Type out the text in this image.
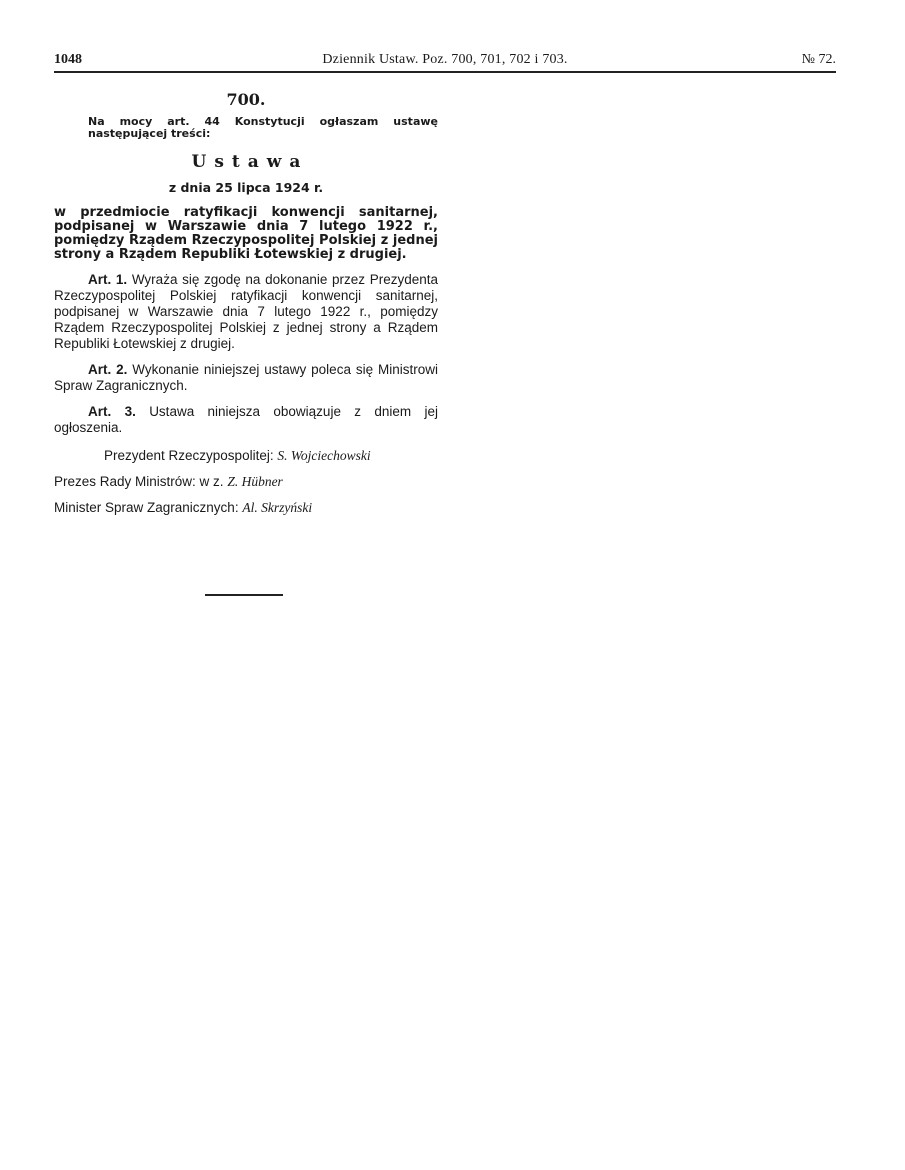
1048	Dziennik Ustaw. Poz. 700, 701, 702 i 703.	№ 72.
700.
Na mocy art. 44 Konstytucji ogłaszam ustawę następującej treści:
Ustawa
z dnia 25 lipca 1924 r.
w przedmiocie ratyfikacji konwencji sanitarnej, podpisanej w Warszawie dnia 7 lutego 1922 r., pomiędzy Rządem Rzeczypospolitej Polskiej z jednej strony a Rządem Republiki Łotewskiej z drugiej.
Art. 1. Wyraża się zgodę na dokonanie przez Prezydenta Rzeczypospolitej Polskiej ratyfikacji konwencji sanitarnej, podpisanej w Warszawie dnia 7 lutego 1922 r., pomiędzy Rządem Rzeczypospolitej Polskiej z jednej strony a Rządem Republiki Łotewskiej z drugiej.
Art. 2. Wykonanie niniejszej ustawy poleca się Ministrowi Spraw Zagranicznych.
Art. 3. Ustawa niniejsza obowiązuje z dniem jej ogłoszenia.
Prezydent Rzeczypospolitej: S. Wojciechowski
Prezes Rady Ministrów: w z. Z. Hübner
Minister Spraw Zagranicznych: Al. Skrzyński
